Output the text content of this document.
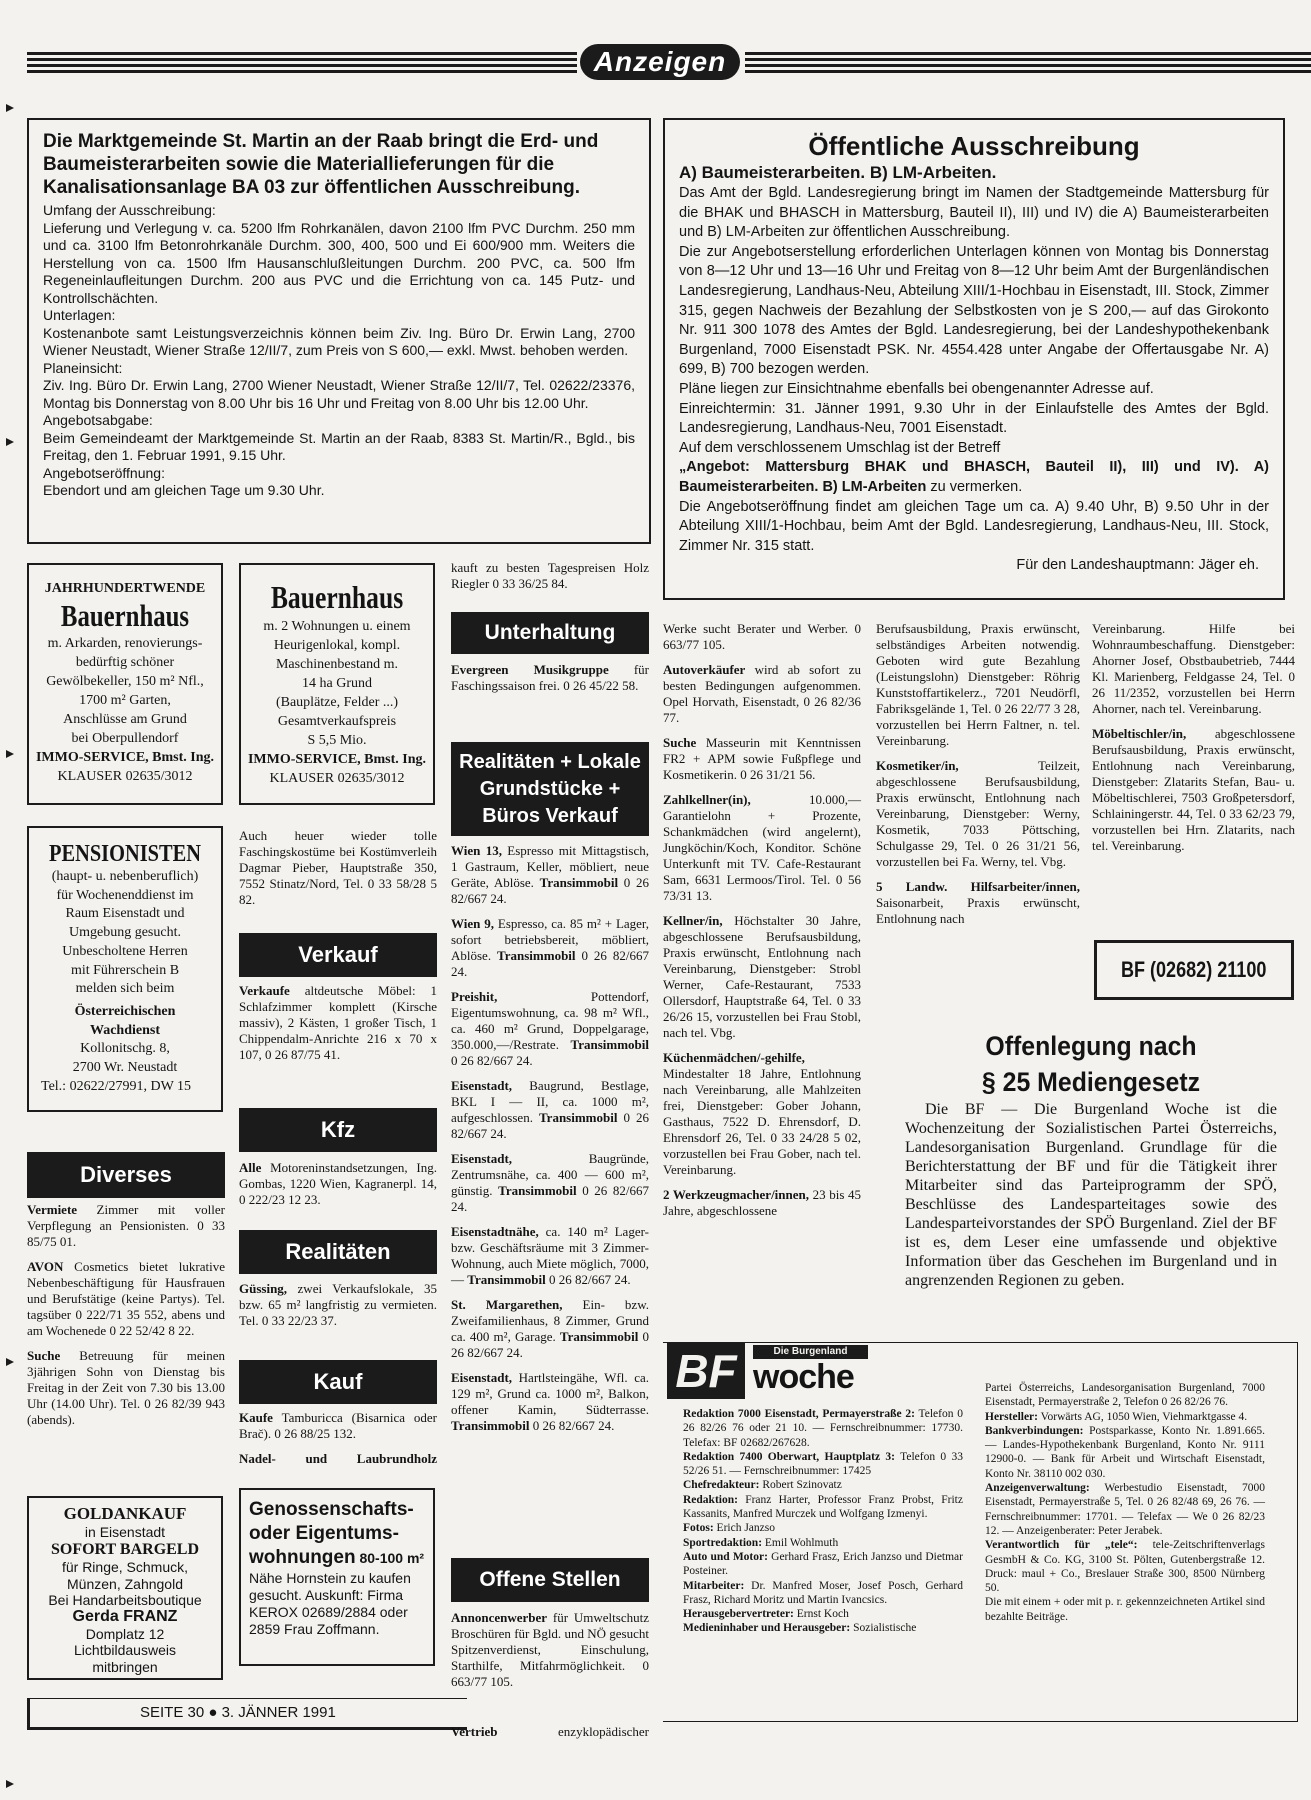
Anzeigen

Die Marktgemeinde St. Martin an der Raab bringt die Erd- und Baumeisterarbeiten sowie die Materiallieferungen für die Kanalisationsanlage BA 03 zur öffentlichen Ausschreibung.

Umfang der Ausschreibung:

Lieferung und Verlegung v. ca. 5200 lfm Rohrkanälen, davon 2100 lfm PVC Durchm. 250 mm und ca. 3100 lfm Betonrohrkanäle Durchm. 300, 400, 500 und Ei 600/900 mm. Weiters die Herstellung von ca. 1500 lfm Hausanschlußleitungen Durchm. 200 PVC, ca. 500 lfm Regeneinlaufleitungen Durchm. 200 aus PVC und die Errichtung von ca. 145 Putz- und Kontrollschächten.

Unterlagen:

Kostenanbote samt Leistungsverzeichnis können beim Ziv. Ing. Büro Dr. Erwin Lang, 2700 Wiener Neustadt, Wiener Straße 12/II/7, zum Preis von S 600,— exkl. Mwst. behoben werden.

Planeinsicht:

Ziv. Ing. Büro Dr. Erwin Lang, 2700 Wiener Neustadt, Wiener Straße 12/II/7, Tel. 02622/23376, Montag bis Donnerstag von 8.00 Uhr bis 16 Uhr und Freitag von 8.00 Uhr bis 12.00 Uhr.

Angebotsabgabe:

Beim Gemeindeamt der Marktgemeinde St. Martin an der Raab, 8383 St. Martin/R., Bgld., bis Freitag, den 1. Februar 1991, 9.15 Uhr.

Angebotseröffnung:

Ebendort und am gleichen Tage um 9.30 Uhr.

Öffentliche Ausschreibung

A) Baumeisterarbeiten. B) LM-Arbeiten.

Das Amt der Bgld. Landesregierung bringt im Namen der Stadtgemeinde Mattersburg für die BHAK und BHASCH in Mattersburg, Bauteil II), III) und IV) die A) Baumeisterarbeiten und B) LM-Arbeiten zur öffentlichen Ausschreibung.

Die zur Angebotserstellung erforderlichen Unterlagen können von Montag bis Donnerstag von 8—12 Uhr und 13—16 Uhr und Freitag von 8—12 Uhr beim Amt der Burgenländischen Landesregierung, Landhaus-Neu, Abteilung XIII/1-Hochbau in Eisenstadt, III. Stock, Zimmer 315, gegen Nachweis der Bezahlung der Selbstkosten von je S 200,— auf das Girokonto Nr. 911 300 1078 des Amtes der Bgld. Landesregierung, bei der Landeshypothekenbank Burgenland, 7000 Eisenstadt PSK. Nr. 4554.428 unter Angabe der Offertausgabe Nr. A) 699, B) 700 bezogen werden.

Pläne liegen zur Einsichtnahme ebenfalls bei obengenannter Adresse auf.

Einreichtermin: 31. Jänner 1991, 9.30 Uhr in der Einlaufstelle des Amtes der Bgld. Landesregierung, Landhaus-Neu, 7001 Eisenstadt.

Auf dem verschlossenem Umschlag ist der Betreff

„Angebot: Mattersburg BHAK und BHASCH, Bauteil II), III) und IV). A) Baumeisterarbeiten. B) LM-Arbeiten zu vermerken.

Die Angebotseröffnung findet am gleichen Tage um ca. A) 9.40 Uhr, B) 9.50 Uhr in der Abteilung XIII/1-Hochbau, beim Amt der Bgld. Landesregierung, Landhaus-Neu, III. Stock, Zimmer Nr. 315 statt.

Für den Landeshauptmann: Jäger eh.

JAHRHUNDERTWENDE

Bauernhaus

m. Arkarden, renovierungs-

bedürftig schöner

Gewölbekeller, 150 m² Nfl.,

1700 m² Garten,

Anschlüsse am Grund

bei Oberpullendorf

IMMO-SERVICE, Bmst. Ing.

KLAUSER 02635/3012

PENSIONISTEN

(haupt- u. nebenberuflich)

für Wochenenddienst im

Raum Eisenstadt und

Umgebung gesucht.

Unbescholtene Herren

mit Führerschein B

melden sich beim

Österreichischen

Wachdienst

Kollonitschg. 8,

2700 Wr. Neustadt

Tel.: 02622/27991, DW 15

Diverses

Vermiete Zimmer mit voller Verpflegung an Pensionisten. 0 33 85/75 01.

AVON Cosmetics bietet lukrative Nebenbeschäftigung für Hausfrauen und Berufstätige (keine Partys). Tel. tagsüber 0 222/71 35 552, abens und am Wochenede 0 22 52/42 8 22.

Suche Betreuung für meinen 3jährigen Sohn von Dienstag bis Freitag in der Zeit von 7.30 bis 13.00 Uhr (14.00 Uhr). Tel. 0 26 82/39 943 (abends).

GOLDANKAUF

in Eisenstadt

SOFORT BARGELD

für Ringe, Schmuck,

Münzen, Zahngold

Bei Handarbeitsboutique

Gerda FRANZ

Domplatz 12

Lichtbildausweis

mitbringen

SEITE 30 ● 3. JÄNNER 1991

Bauernhaus

m. 2 Wohnungen u. einem

Heurigenlokal, kompl.

Maschinenbestand m.

14 ha Grund

(Bauplätze, Felder ...)

Gesamtverkaufspreis

S 5,5 Mio.

IMMO-SERVICE, Bmst. Ing.

KLAUSER 02635/3012

Auch heuer wieder tolle Faschingskostüme bei Kostümverleih Dagmar Pieber, Hauptstraße 350, 7552 Stinatz/Nord, Tel. 0 33 58/28 5 82.
Verkauf
Verkaufe altdeutsche Möbel: 1 Schlafzimmer komplett (Kirsche massiv), 2 Kästen, 1 großer Tisch, 1 Chippendalm-Anrichte 216 x 70 x 107, 0 26 87/75 41.
Kfz
Alle Motoreninstandsetzungen, Ing. Gombas, 1220 Wien, Kagranerpl. 14, 0 222/23 12 23.
Realitäten
Güssing, zwei Verkaufslokale, 35 bzw. 65 m² langfristig zu vermieten. Tel. 0 33 22/23 37.
Kauf
Kaufe Tamburicca (Bisarnica oder Brač). 0 26 88/25 132.
Nadel- und Laubrundholz

Genossenschafts-

oder Eigentums-

wohnungen 80-100 m²

Nähe Hornstein zu kaufen

gesucht. Auskunft: Firma

KEROX 02689/2884 oder

2859 Frau Zoffmann.

kauft zu besten Tagespreisen Holz Riegler 0 33 36/25 84.
Unterhaltung
Evergreen Musikgruppe für Faschingssaison frei. 0 26 45/22 58.
Realitäten + Lokale Grundstücke + Büros Verkauf

Wien 13, Espresso mit Mittagstisch, 1 Gastraum, Keller, möbliert, neue Geräte, Ablöse. Transimmobil 0 26 82/667 24.

Wien 9, Espresso, ca. 85 m² + Lager, sofort betriebsbereit, möbliert, Ablöse. Transimmobil 0 26 82/667 24.

Preishit, Pottendorf, Eigentumswohnung, ca. 98 m² Wfl., ca. 460 m² Grund, Doppelgarage, 350.000,—/Restrate. Transimmobil 0 26 82/667 24.

Eisenstadt, Baugrund, Bestlage, BKL I — II, ca. 1000 m², aufgeschlossen. Transimmobil 0 26 82/667 24.

Eisenstadt, Baugründe, Zentrumsnähe, ca. 400 — 600 m², günstig. Transimmobil 0 26 82/667 24.

Eisenstadtnähe, ca. 140 m² Lager- bzw. Geschäftsräume mit 3 Zimmer-Wohnung, auch Miete möglich, 7000,— Transimmobil 0 26 82/667 24.

St. Margarethen, Ein- bzw. Zweifamilienhaus, 8 Zimmer, Grund ca. 400 m², Garage. Transimmobil 0 26 82/667 24.

Eisenstadt, Hartlsteingähe, Wfl. ca. 129 m², Grund ca. 1000 m², Balkon, offener Kamin, Südterrasse. Transimmobil 0 26 82/667 24.

Offene Stellen
Annoncenwerber für Umweltschutz Broschüren für Bgld. und NÖ gesucht Spitzenverdienst, Einschulung, Starthilfe, Mitfahrmöglichkeit. 0 663/77 105.
Vertrieb enzyklopädischer

Werke sucht Berater und Werber. 0 663/77 105.

Autoverkäufer wird ab sofort zu besten Bedingungen aufgenommen. Opel Horvath, Eisenstadt, 0 26 82/36 77.

Suche Masseurin mit Kenntnissen FR2 + APM sowie Fußpflege und Kosmetikerin. 0 26 31/21 56.

Zahlkellner(in), 10.000,— Garantielohn + Prozente, Schankmädchen (wird angelernt), Jungköchin/Koch, Konditor. Schöne Unterkunft mit TV. Cafe-Restaurant Sam, 6631 Lermoos/Tirol. Tel. 0 56 73/31 13.

Kellner/in, Höchstalter 30 Jahre, abgeschlossene Berufsausbildung, Praxis erwünscht, Entlohnung nach Vereinbarung, Dienstgeber: Strobl Werner, Cafe-Restaurant, 7533 Ollersdorf, Hauptstraße 64, Tel. 0 33 26/26 15, vorzustellen bei Frau Stobl, nach tel. Vbg.

Küchenmädchen/-gehilfe, Mindestalter 18 Jahre, Entlohnung nach Vereinbarung, alle Mahlzeiten frei, Dienstgeber: Gober Johann, Gasthaus, 7522 D. Ehrensdorf, D. Ehrensdorf 26, Tel. 0 33 24/28 5 02, vorzustellen bei Frau Gober, nach tel. Vereinbarung.

2 Werkzeugmacher/innen, 23 bis 45 Jahre, abgeschlossene

Berufsausbildung, Praxis erwünscht, selbständiges Arbeiten notwendig. Geboten wird gute Bezahlung (Leistungslohn) Dienstgeber: Röhrig Kunststoffartikelerz., 7201 Neudörfl, Fabriksgelände 1, Tel. 0 26 22/77 3 28, vorzustellen bei Herrn Faltner, n. tel. Vereinbarung.

Kosmetiker/in, Teilzeit, abgeschlossene Berufsausbildung, Praxis erwünscht, Entlohnung nach Vereinbarung, Dienstgeber: Werny, Kosmetik, 7033 Pöttsching, Schulgasse 29, Tel. 0 26 31/21 56, vorzustellen bei Fa. Werny, tel. Vbg.

5 Landw. Hilfsarbeiter/innen, Saisonarbeit, Praxis erwünscht, Entlohnung nach

Vereinbarung. Hilfe bei Wohnraumbeschaffung. Dienstgeber: Ahorner Josef, Obstbaubetrieb, 7444 Kl. Marienberg, Feldgasse 24, Tel. 0 26 11/2352, vorzustellen bei Herrn Ahorner, nach tel. Vereinbarung.

Möbeltischler/in, abgeschlossene Berufsausbildung, Praxis erwünscht, Entlohnung nach Vereinbarung, Dienstgeber: Zlatarits Stefan, Bau- u. Möbeltischlerei, 7503 Großpetersdorf, Schlainingerstr. 44, Tel. 0 33 62/23 79, vorzustellen bei Hrn. Zlatarits, nach tel. Vereinbarung.

BF (02682) 21100

Offenlegung nach

§ 25 Mediengesetz

Die BF — Die Burgenland Woche ist die Wochenzeitung der Sozialistischen Partei Österreichs, Landesorganisation Burgenland. Grundlage für die Berichterstattung der BF und für die Tätigkeit ihrer Mitarbeiter sind das Parteiprogramm der SPÖ, Beschlüsse des Landesparteitages sowie des Landesparteivorstandes der SPÖ Burgenland. Ziel der BF ist es, dem Leser eine umfassende und objektive Information über das Geschehen im Burgenland und in angrenzenden Regionen zu geben.

BF	Die Burgenland
woche

Redaktion 7000 Eisenstadt, Permayerstraße 2: Telefon 0 26 82/26 76 oder 21 10. — Fernschreibnummer: 17730. Telefax: BF 02682/267628.

Redaktion 7400 Oberwart, Hauptplatz 3: Telefon 0 33 52/26 51. — Fernschreibnummer: 17425

Chefredakteur: Robert Szinovatz

Redaktion: Franz Harter, Professor Franz Probst, Fritz Kassanits, Manfred Murczek und Wolfgang Izmenyi.

Fotos: Erich Janzso

Sportredaktion: Emil Wohlmuth

Auto und Motor: Gerhard Frasz, Erich Janzso und Dietmar Posteiner.

Mitarbeiter: Dr. Manfred Moser, Josef Posch, Gerhard Frasz, Richard Moritz und Martin Ivancsics.

Herausgebervertreter: Ernst Koch

Medieninhaber und Herausgeber: Sozialistische

Partei Österreichs, Landesorganisation Burgenland, 7000 Eisenstadt, Permayerstraße 2, Telefon 0 26 82/26 76.

Hersteller: Vorwärts AG, 1050 Wien, Viehmarktgasse 4.

Bankverbindungen: Postsparkasse, Konto Nr. 1.891.665. — Landes-Hypothekenbank Burgenland, Konto Nr. 9111 12900-0. — Bank für Arbeit und Wirtschaft Eisenstadt, Konto Nr. 38110 002 030.

Anzeigenverwaltung: Werbestudio Eisenstadt, 7000 Eisenstadt, Permayerstraße 5, Tel. 0 26 82/48 69, 26 76. — Fernschreibnummer: 17701. — Telefax — We 0 26 82/23 12. — Anzeigenberater: Peter Jerabek.

Verantwortlich für „tele“: tele-Zeitschriftenverlags GesmbH & Co. KG, 3100 St. Pölten, Gutenbergstraße 12. Druck: maul + Co., Breslauer Straße 300, 8500 Nürnberg 50.

Die mit einem + oder mit p. r. gekennzeichneten Artikel sind bezahlte Beiträge.
